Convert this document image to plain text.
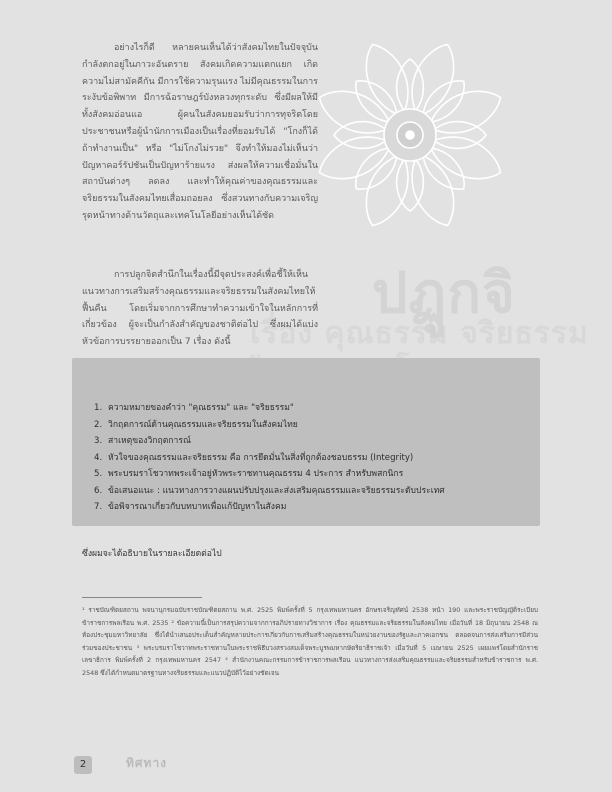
ปฏูกจิ
เรื่อง คุณธรรม จริยธรรม
อย่างไรก็ดี หลายคนเห็นได้ว่าสังคมไทยในปัจจุบันกำลังตกอยู่ในภาวะอันตราย สังคมเกิดความแตกแยก เกิดความไม่สามัคคีกัน มีการใช้ความรุนแรง ไม่มีคุณธรรมในการระงับข้อพิพาท มีการฉ้อราษฎร์บังหลวงทุกระดับ ซึ่งมีผลให้มีทั้งสังคมอ่อนแอ ผู้คนในสังคมยอมรับว่าการทุจริตโดยประชาชนหรือผู้นำนักการเมืองเป็นเรื่องที่ยอมรับได้ "โกงก็ได้ถ้าทำงานเป็น" หรือ "ไม่โกงไม่รวย" จึงทำให้มองไม่เห็นว่าปัญหาคอร์รัปชันเป็นปัญหาร้ายแรง ส่งผลให้ความเชื่อมั่นในสถาบันต่างๆ ลดลง และทำให้คุณค่าของคุณธรรมและจริยธรรมในสังคมไทยเสื่อมถอยลง ซึ่งสวนทางกับความเจริญรุดหน้าทางด้านวัตถุและเทคโนโลยีอย่างเห็นได้ชัด
การปลูกจิตสำนึกในเรื่องนี้มีจุดประสงค์เพื่อชี้ให้เห็นแนวทางการเสริมสร้างคุณธรรมและจริยธรรมในสังคมไทยให้ฟื้นคืน โดยเริ่มจากการศึกษาทำความเข้าใจในหลักการที่เกี่ยวข้อง ผู้จะเป็นกำลังสำคัญของชาติต่อไป ซึ่งผมได้แบ่งหัวข้อการบรรยายออกเป็น 7 เรื่อง ดังนี้
1. ความหมายของคำว่า "คุณธรรม" และ "จริยธรรม"
2. วิกฤตการณ์ด้านคุณธรรมและจริยธรรมในสังคมไทย
3. สาเหตุของวิกฤตการณ์
4. หัวใจของคุณธรรมและจริยธรรม คือ การยึดมั่นในสิ่งที่ถูกต้องชอบธรรม (Integrity)
5. พระบรมราโชวาทพระเจ้าอยู่หัวพระราชทานคุณธรรม 4 ประการ สำหรับพสกนิกร
6. ข้อเสนอแนะ : แนวทางการวางแผนปรับปรุงและส่งเสริมคุณธรรมและจริยธรรมระดับประเทศ
7. ข้อพิจารณาเกี่ยวกับบทบาทเพื่อแก้ปัญหาในสังคม
ซึ่งผมจะได้อธิบายในรายละเอียดต่อไป
¹ ราชบัณฑิตยสถาน พจนานุกรมฉบับราชบัณฑิตยสถาน พ.ศ. 2525 พิมพ์ครั้งที่ 5 กรุงเทพมหานคร อักษรเจริญทัศน์ 2538 หน้า 190 และพระราชบัญญัติระเบียบข้าราชการพลเรือน พ.ศ. 2535 ² ข้อความนี้เป็นการสรุปความจากการอภิปรายทางวิชาการ เรื่อง คุณธรรมและจริยธรรมในสังคมไทย เมื่อวันที่ 18 มิถุนายน 2548 ณ ห้องประชุมมหาวิทยาลัย ซึ่งได้นำเสนอประเด็นสำคัญหลายประการเกี่ยวกับการเสริมสร้างคุณธรรมในหน่วยงานของรัฐและภาคเอกชน ตลอดจนการส่งเสริมการมีส่วนร่วมของประชาชน ³ พระบรมราโชวาทพระราชทานในพระราชพิธีบวงสรวงสมเด็จพระบูรพมหากษัตริยาธิราชเจ้า เมื่อวันที่ 5 เมษายน 2525 เผยแพร่โดยสำนักราชเลขาธิการ พิมพ์ครั้งที่ 2 กรุงเทพมหานคร 2547 ⁴ สำนักงานคณะกรรมการข้าราชการพลเรือน แนวทางการส่งเสริมคุณธรรมและจริยธรรมสำหรับข้าราชการ พ.ศ. 2548 ซึ่งได้กำหนดมาตรฐานทางจริยธรรมและแนวปฏิบัติไว้อย่างชัดเจน
2	ทิศทาง
